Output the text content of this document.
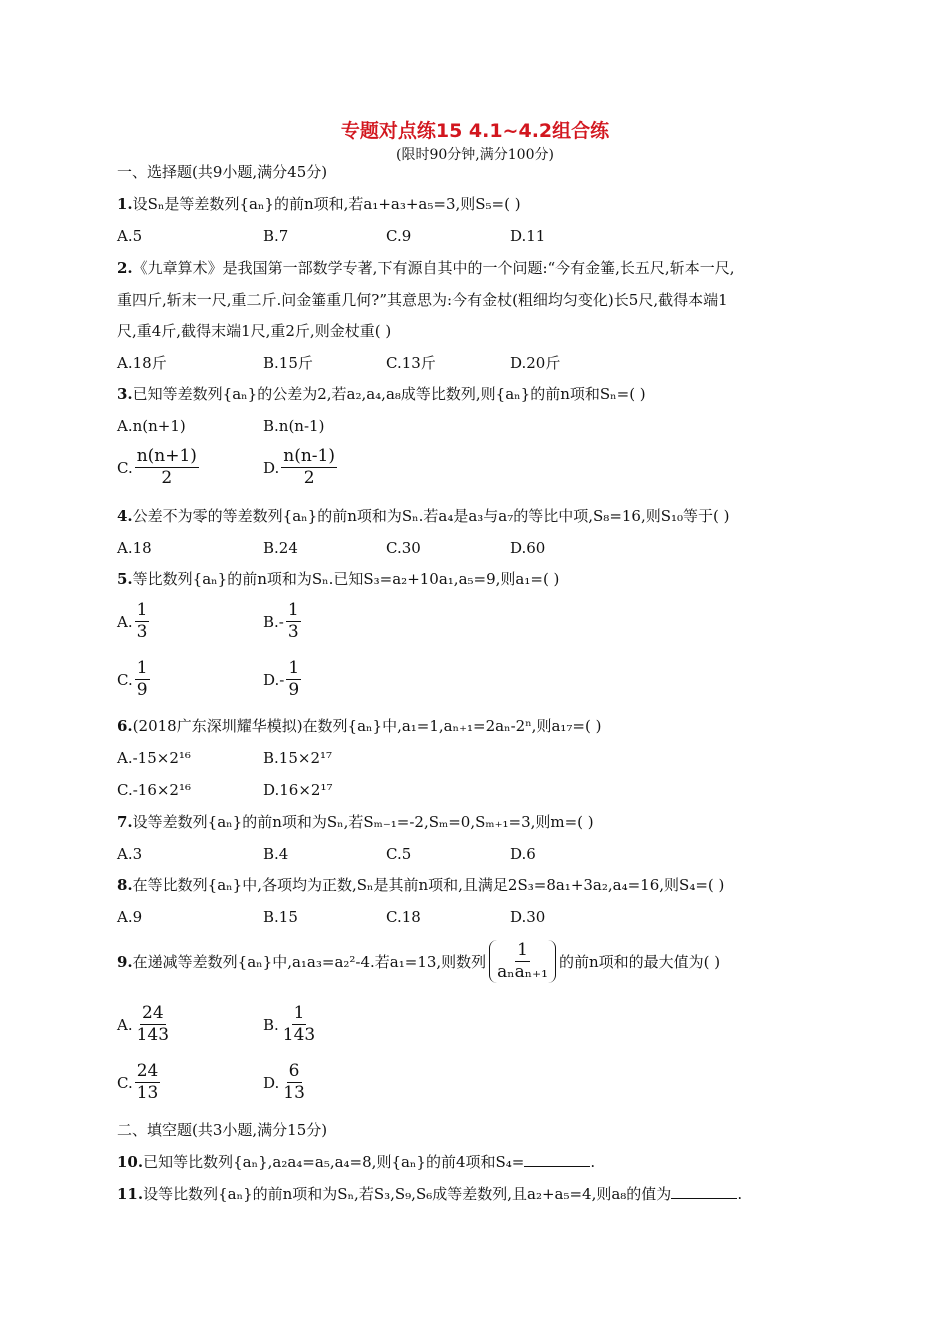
专题对点练15 4.1~4.2组合练
(限时90分钟,满分100分)
一、选择题(共9小题,满分45分)
1.设Sₙ是等差数列{aₙ}的前n项和,若a₁+a₃+a₅=3,则S₅=( )
A.5	B.7	C.9	D.11
2.《九章算术》是我国第一部数学专著,下有源自其中的一个问题:“今有金箠,长五尺,斩本一尺,
重四斤,斩末一尺,重二斤.问金箠重几何?”其意思为:今有金杖(粗细均匀变化)长5尺,截得本端1
尺,重4斤,截得末端1尺,重2斤,则金杖重( )
A.18斤	B.15斤	C.13斤	D.20斤
3.已知等差数列{aₙ}的公差为2,若a₂,a₄,a₈成等比数列,则{aₙ}的前n项和Sₙ=( )
A.n(n+1)	B.n(n-1)
C. $\frac{n(n+1)}{2}$	D. $\frac{n(n-1)}{2}$
4.公差不为零的等差数列{aₙ}的前n项和为Sₙ.若a₄是a₃与a₇的等比中项,S₈=16,则S₁₀等于( )
A.18	B.24	C.30	D.60
5.等比数列{aₙ}的前n项和为Sₙ.已知S₃=a₂+10a₁,a₅=9,则a₁=( )
A. $\frac{1}{3}$	$B.- \frac{1}{3}$
C. $\frac{1}{9}$	$D.- \frac{1}{9}$
6.(2018广东深圳耀华模拟)在数列{aₙ}中,a₁=1,aₙ₊₁=2aₙ-2ⁿ,则a₁₇=( )
A.-15×2¹⁶	B.15×2¹⁷
C.-16×2¹⁶	D.16×2¹⁷
7.设等差数列{aₙ}的前n项和为Sₙ,若Sₘ₋₁=-2,Sₘ=0,Sₘ₊₁=3,则m=( )
A.3	B.4	C.5	D.6
8.在等比数列{aₙ}中,各项均为正数,Sₙ是其前n项和,且满足2S₃=8a₁+3a₂,a₄=16,则S₄=( )
A.9	B.15	C.18	D.30
9. 在递减等差数列{aₙ}中,a₁a₃=a₂²-4.若a₁=13,则数列 $\frac{1}{\text{aₙaₙ₊₁}}$ 的前n项和的最大值为( )
A. $\frac{24}{143}$	B. $\frac{1}{143}$
C. $\frac{24}{13}$	D. $\frac{6}{13}$
二、填空题(共3小题,满分15分)
10.已知等比数列{aₙ},a₂a₄=a₅,a₄=8,则{aₙ}的前4项和S₄=	.
11.设等比数列{aₙ}的前n项和为Sₙ,若S₃,S₉,S₆成等差数列,且a₂+a₅=4,则a₈的值为	.
